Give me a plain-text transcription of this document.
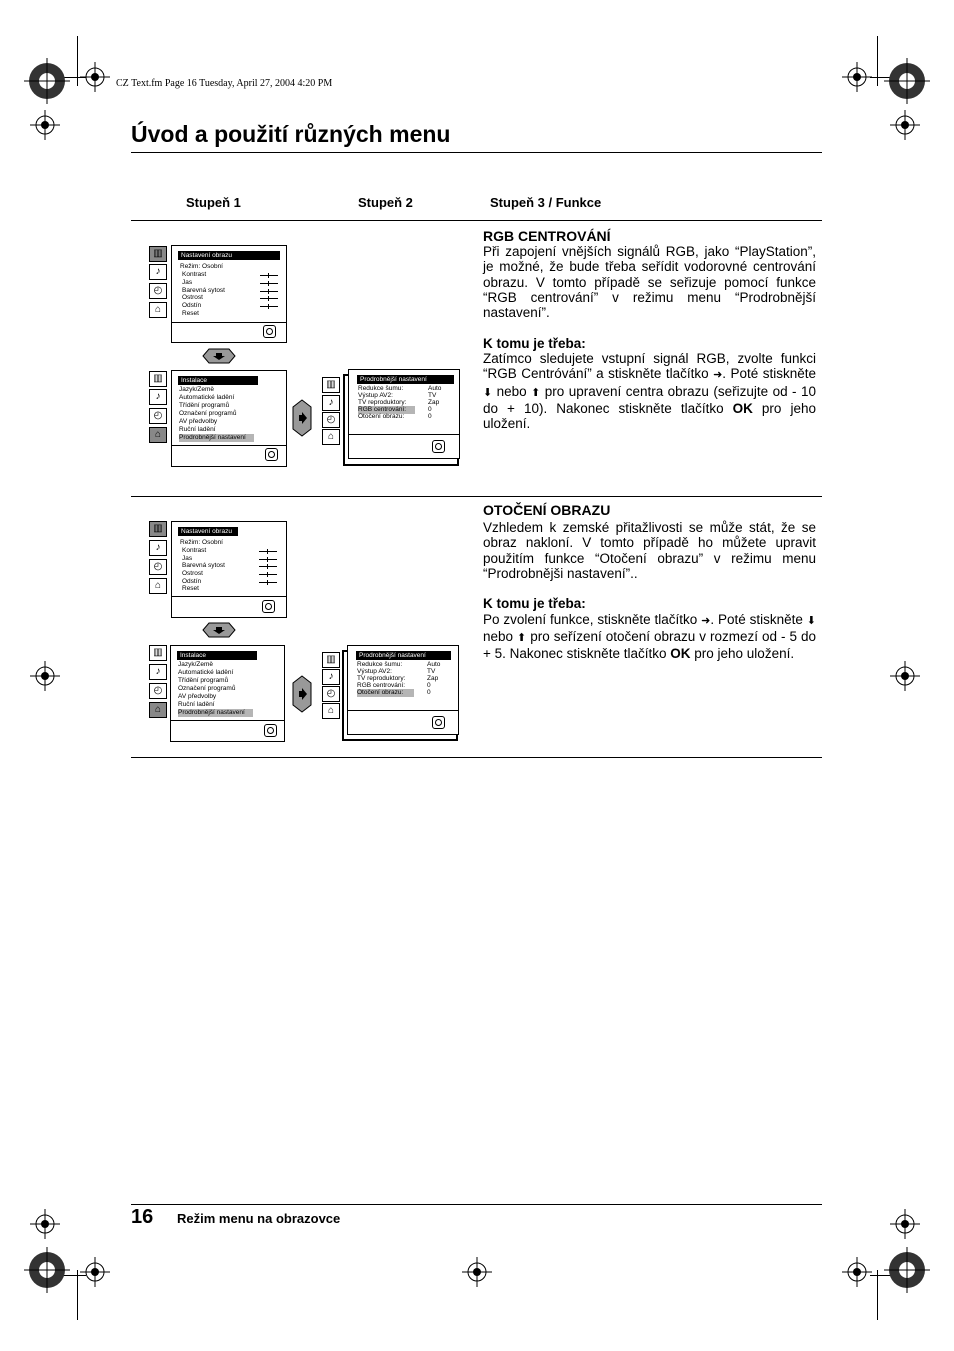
CZ Text.fm Page 16 Tuesday, April 27, 2004 4:20 PM
Úvod a použití různých menu
Stupeň 1	Stupeň 2	Stupeň 3 / Funkce
RGB CENTROVÁNÍ
Při zapojení vnějších signálů RGB, jako “PlayStation”, je možné, že bude třeba seřídit vodorovné centrování obrazu. V tomto případě se seřizuje pomocí funkce “RGB centrování” v režimu menu “Prodrobnější nastavení”.

K tomu je třeba:
Zatímco sledujete vstupní signál RGB, zvolte funkci “RGB Centróvání” a stiskněte tlačítko ➜. Poté stiskněte ⬇ nebo ⬆ pro upravení centra obrazu (seřizujte od - 10 do + 10). Nakonec stiskněte tlačítko OK pro jeho uložení.
▥
♪
◴
⌂
Nastavení obrazu
Režim: Osobní
Kontrast
Jas
Barevná sytost
Ostrost
Odstín
Reset
▥
♪
◴
⌂
Instalace
Jazyk/Země
Automatické ladění
Třídění programů
Označení programů
AV předvolby
Ruční ladění
Prodrobnější nastavení
▥
♪
◴
⌂
Prodrobnější nastavení
Redukce šumu:
Výstup AV2:
TV reproduktory:
RGB centrování:
Otočení obrazu:
Auto
TV
Zap
0
0
OTOČENÍ OBRAZU
Vzhledem k zemské přitažlivosti se může stát, že se obraz nakloní. V tomto případě ho můžete upravit použitím funkce “Otočení obrazu” v režimu menu “Prodrobnějši nastavení”..

K tomu je třeba:
Po zvolení funkce, stiskněte tlačítko ➜. Poté stiskněte ⬇ nebo ⬆ pro seřízení otočení obrazu v rozmezí od - 5 do + 5. Nakonec stiskněte tlačítko OK pro jeho uložení.
▥
♪
◴
⌂
Nastavení obrazu
Režim: Osobní
Kontrast
Jas
Barevná sytost
Ostrost
Odstín
Reset
▥
♪
◴
⌂
Instalace
Jazyk/Země
Automatické ladění
Třídění programů
Označení programů
AV předvolby
Ruční ladění
Prodrobnější nastavení
▥
♪
◴
⌂
Prodrobnější nastavení
Redukce šumu:
Výstup AV2:
TV reproduktory:
RGB centrování:
Otočení obrazu:
Auto
TV
Zap
0
0
16 Režim menu na obrazovce
